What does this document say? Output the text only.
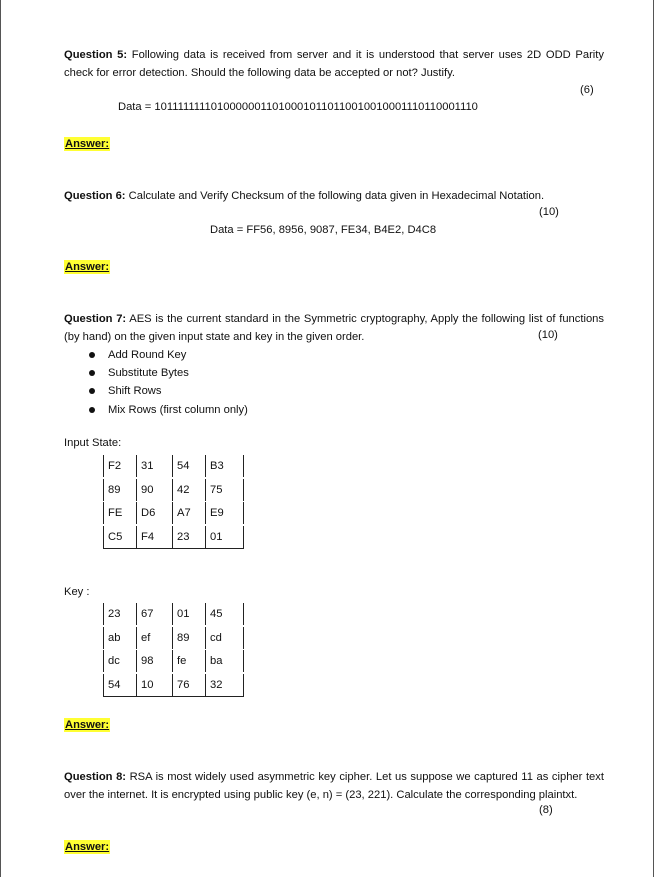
Question 5: Following data is received from server and it is understood that server uses 2D ODD Parity check for error detection. Should the following data be accepted or not? Justify.
(6)
Data = 101111111101000000110100010110110010010001110110001110
Answer:
Question 6: Calculate and Verify Checksum of the following data given in Hexadecimal Notation.
(10)
Data = FF56, 8956, 9087, FE34, B4E2, D4C8
Answer:
Question 7: AES is the current standard in the Symmetric cryptography, Apply the following list of functions (by hand) on the given input state and key in the given order.	(10)
Add Round Key
Substitute Bytes
Shift Rows
Mix Rows (first column only)
Input State:
F2	31	54	B3
89	90	42	75
FE	D6	A7	E9
C5	F4	23	01
Key :
23	67	01	45
ab	ef	89	cd
dc	98	fe	ba
54	10	76	32
Answer:
Question 8: RSA is most widely used asymmetric key cipher. Let us suppose we captured 11 as cipher text over the internet. It is encrypted using public key (e, n) = (23, 221). Calculate the corresponding plaintxt.
(8)
Answer:
